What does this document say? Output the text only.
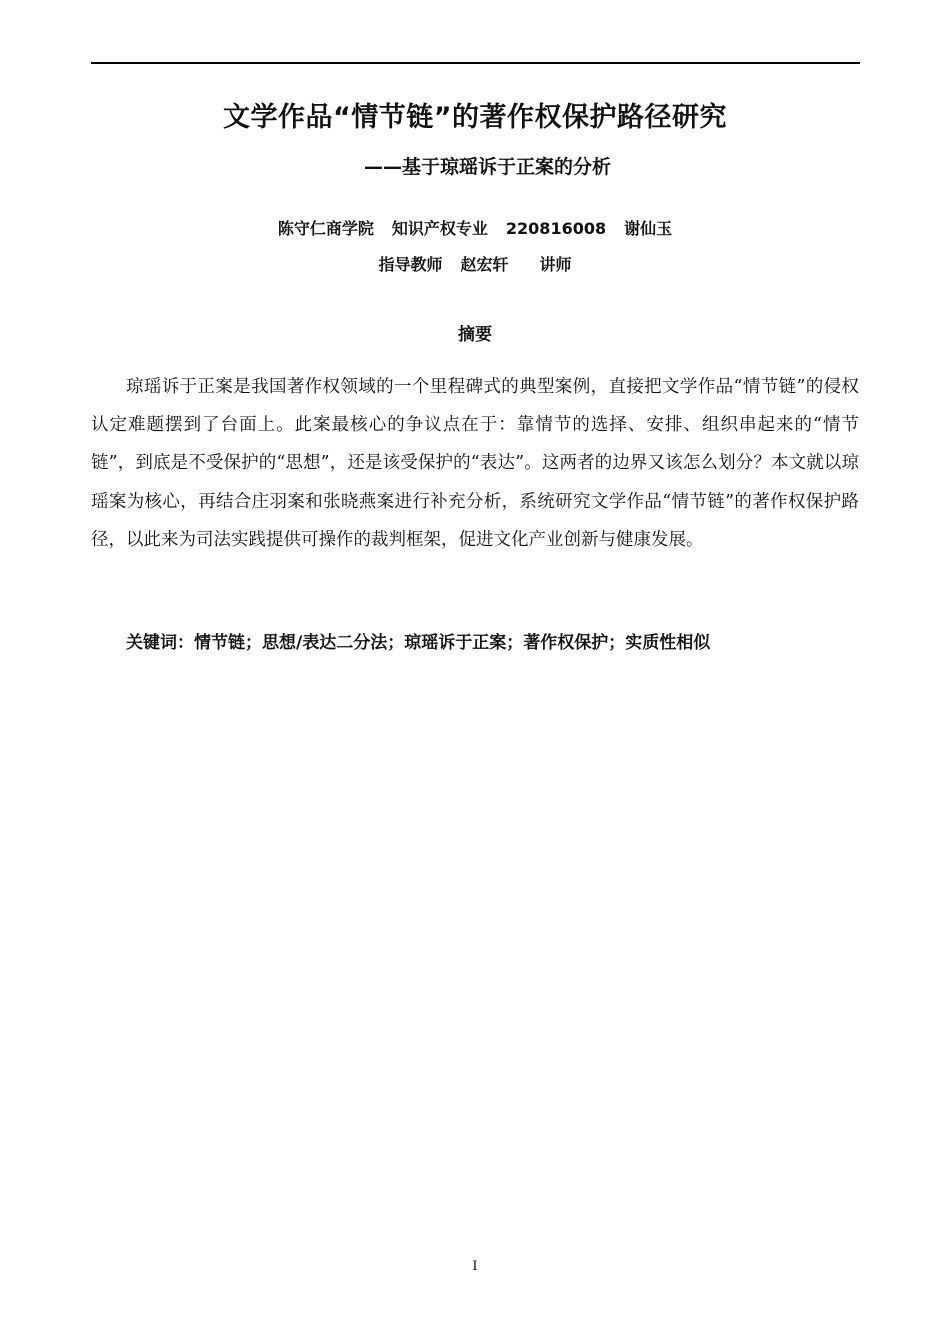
文学作品“情节链”的著作权保护路径研究
——基于琼瑶诉于正案的分析
陈守仁商学院 知识产权专业 220816008 谢仙玉
指导教师 赵宏轩 讲师
摘要

琼瑶诉于正案是我国著作权领域的一个里程碑式的典型案例，直接把文学作品“情节链”的侵权认定难题摆到了台面上。此案最核心的争议点在于：靠情节的选择、安排、组织串起来的“情节链”，到底是不受保护的“思想”，还是该受保护的“表达”。这两者的边界又该怎么划分？本文就以琼瑶案为核心，再结合庄羽案和张晓燕案进行补充分析，系统研究文学作品“情节链”的著作权保护路径，以此来为司法实践提供可操作的裁判框架，促进文化产业创新与健康发展。

关键词：情节链；思想/表达二分法；琼瑶诉于正案；著作权保护；实质性相似
I
